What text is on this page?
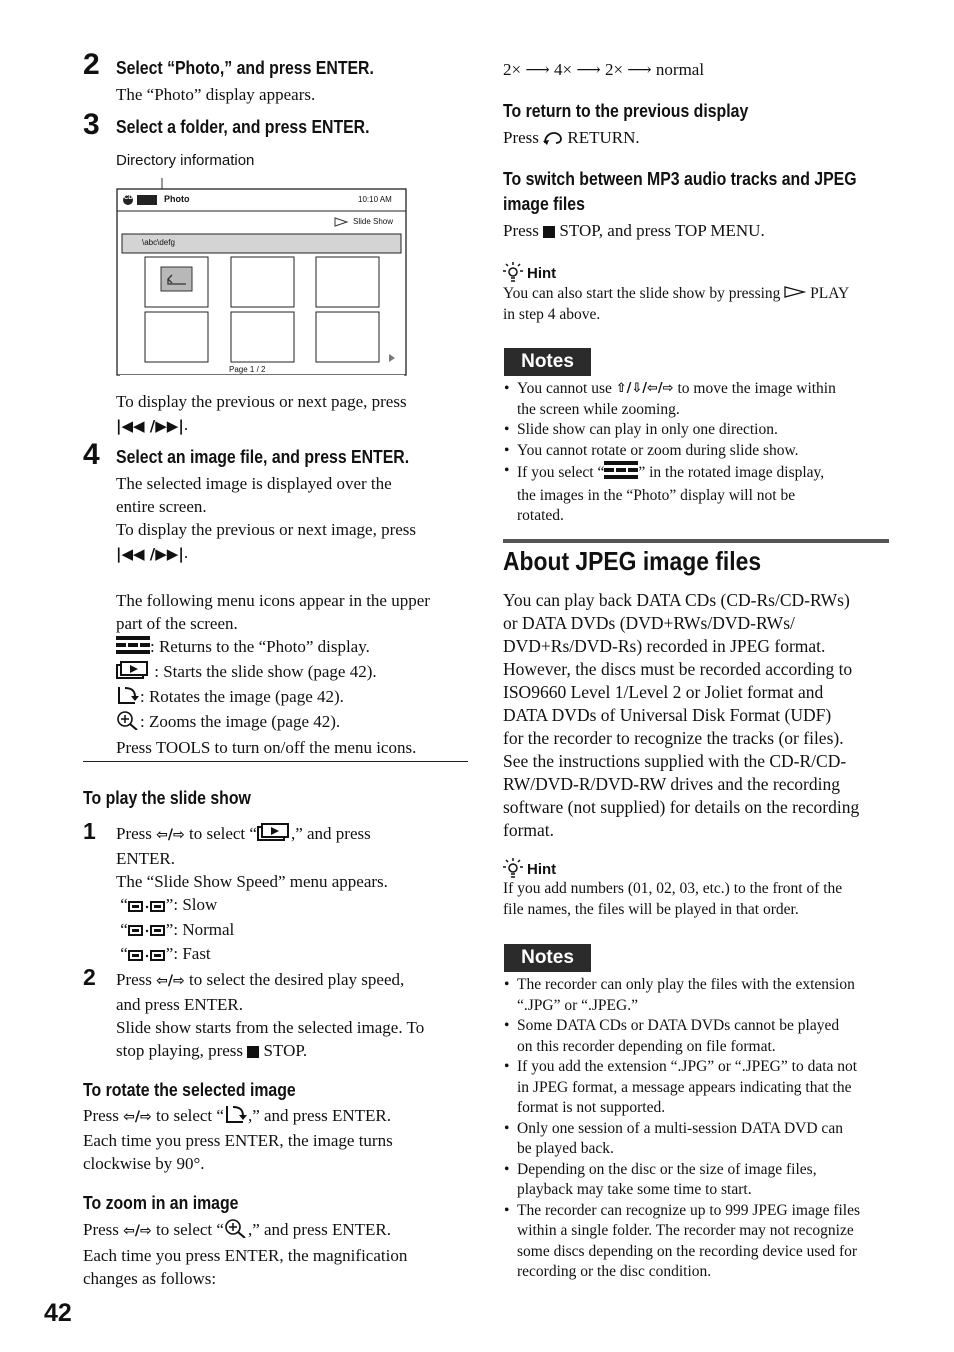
2 Select “Photo,” and press ENTER.
The “Photo” display appears.
3 Select a folder, and press ENTER.
Directory information
CD	Photo	10:10 AM
Slide Show
\abc\defg
Page 1 / 2
To display the previous or next page, press
|◀◀ /▶▶|.
4 Select an image file, and press ENTER.
The selected image is displayed over the
entire screen.
To display the previous or next image, press
|◀◀ /▶▶|.

The following menu icons appear in the upper
part of the screen.
: Returns to the “Photo” display.
: Starts the slide show (page 42).
: Rotates the image (page 42).
: Zooms the image (page 42).
Press TOOLS to turn on/off the menu icons.
To play the slide show
1 Press ⇦/⇨ to select “ ,” and press
ENTER.
The “Slide Show Speed” menu appears.
“ ”: Slow
“ ”: Normal
“ ”: Fast
2 Press ⇦/⇨ to select the desired play speed,
and press ENTER.
Slide show starts from the selected image. To
stop playing, press STOP.
To rotate the selected image
Press ⇦/⇨ to select “ ,” and press ENTER.
Each time you press ENTER, the image turns
clockwise by 90°.
To zoom in an image
Press ⇦/⇨ to select “ ,” and press ENTER.
Each time you press ENTER, the magnification
changes as follows:
42
2× ⟶ 4× ⟶ 2× ⟶ normal
To return to the previous display
Press RETURN.
To switch between MP3 audio tracks and JPEG
image files
Press STOP, and press TOP MENU.
Hint
You can also start the slide show by pressing PLAY
in step 4 above.
Notes
• You cannot use ⇧/⇩/⇦/⇨ to move the image within
the screen while zooming.
• Slide show can play in only one direction.
• You cannot rotate or zoom during slide show.
• If you select “ ” in the rotated image display,
the images in the “Photo” display will not be
rotated.
About JPEG image files
You can play back DATA CDs (CD-Rs/CD-RWs)
or DATA DVDs (DVD+RWs/DVD-RWs/
DVD+Rs/DVD-Rs) recorded in JPEG format.
However, the discs must be recorded according to
ISO9660 Level 1/Level 2 or Joliet format and
DATA DVDs of Universal Disk Format (UDF)
for the recorder to recognize the tracks (or files).
See the instructions supplied with the CD-R/CD-
RW/DVD-R/DVD-RW drives and the recording
software (not supplied) for details on the recording
format.
Hint
If you add numbers (01, 02, 03, etc.) to the front of the
file names, the files will be played in that order.
Notes
• The recorder can only play the files with the extension
“.JPG” or “.JPEG.”
• Some DATA CDs or DATA DVDs cannot be played
on this recorder depending on file format.
• If you add the extension “.JPG” or “.JPEG” to data not
in JPEG format, a message appears indicating that the
format is not supported.
• Only one session of a multi-session DATA DVD can
be played back.
• Depending on the disc or the size of image files,
playback may take some time to start.
• The recorder can recognize up to 999 JPEG image files
within a single folder. The recorder may not recognize
some discs depending on the recording device used for
recording or the disc condition.
